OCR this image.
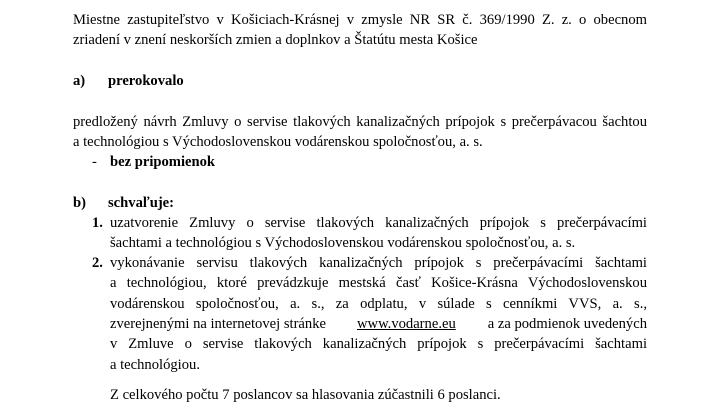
Miestne zastupiteľstvo v Košiciach-Krásnej v zmysle NR SR č. 369/1990 Z. z. o obecnom
zriadení v znení neskorších zmien a doplnkov a Štatútu mesta Košice
a) prerokovalo
predložený návrh Zmluvy o servise tlakových kanalizačných prípojok s prečerpávacou šachtou
a technológiou s Východoslovenskou vodárenskou spoločnosťou, a. s.
- bez pripomienok
b) schvaľuje:
1. uzatvorenie Zmluvy o servise tlakových kanalizačných prípojok s prečerpávacími
šachtami a technológiou s Východoslovenskou vodárenskou spoločnosťou, a. s.
2. vykonávanie servisu tlakových kanalizačných prípojok s prečerpávacími šachtami
a technológiou, ktoré prevádzkuje mestská časť Košice-Krásna Východoslovenskou
vodárenskou spoločnosťou, a. s., za odplatu, v súlade s cenníkmi VVS, a. s.,
zverejnenými na internetovej stránke www.vodarne.eu a za podmienok uvedených
v Zmluve o servise tlakových kanalizačných prípojok s prečerpávacími šachtami
a technológiou.
Z celkového počtu 7 poslancov sa hlasovania zúčastnili 6 poslanci.
